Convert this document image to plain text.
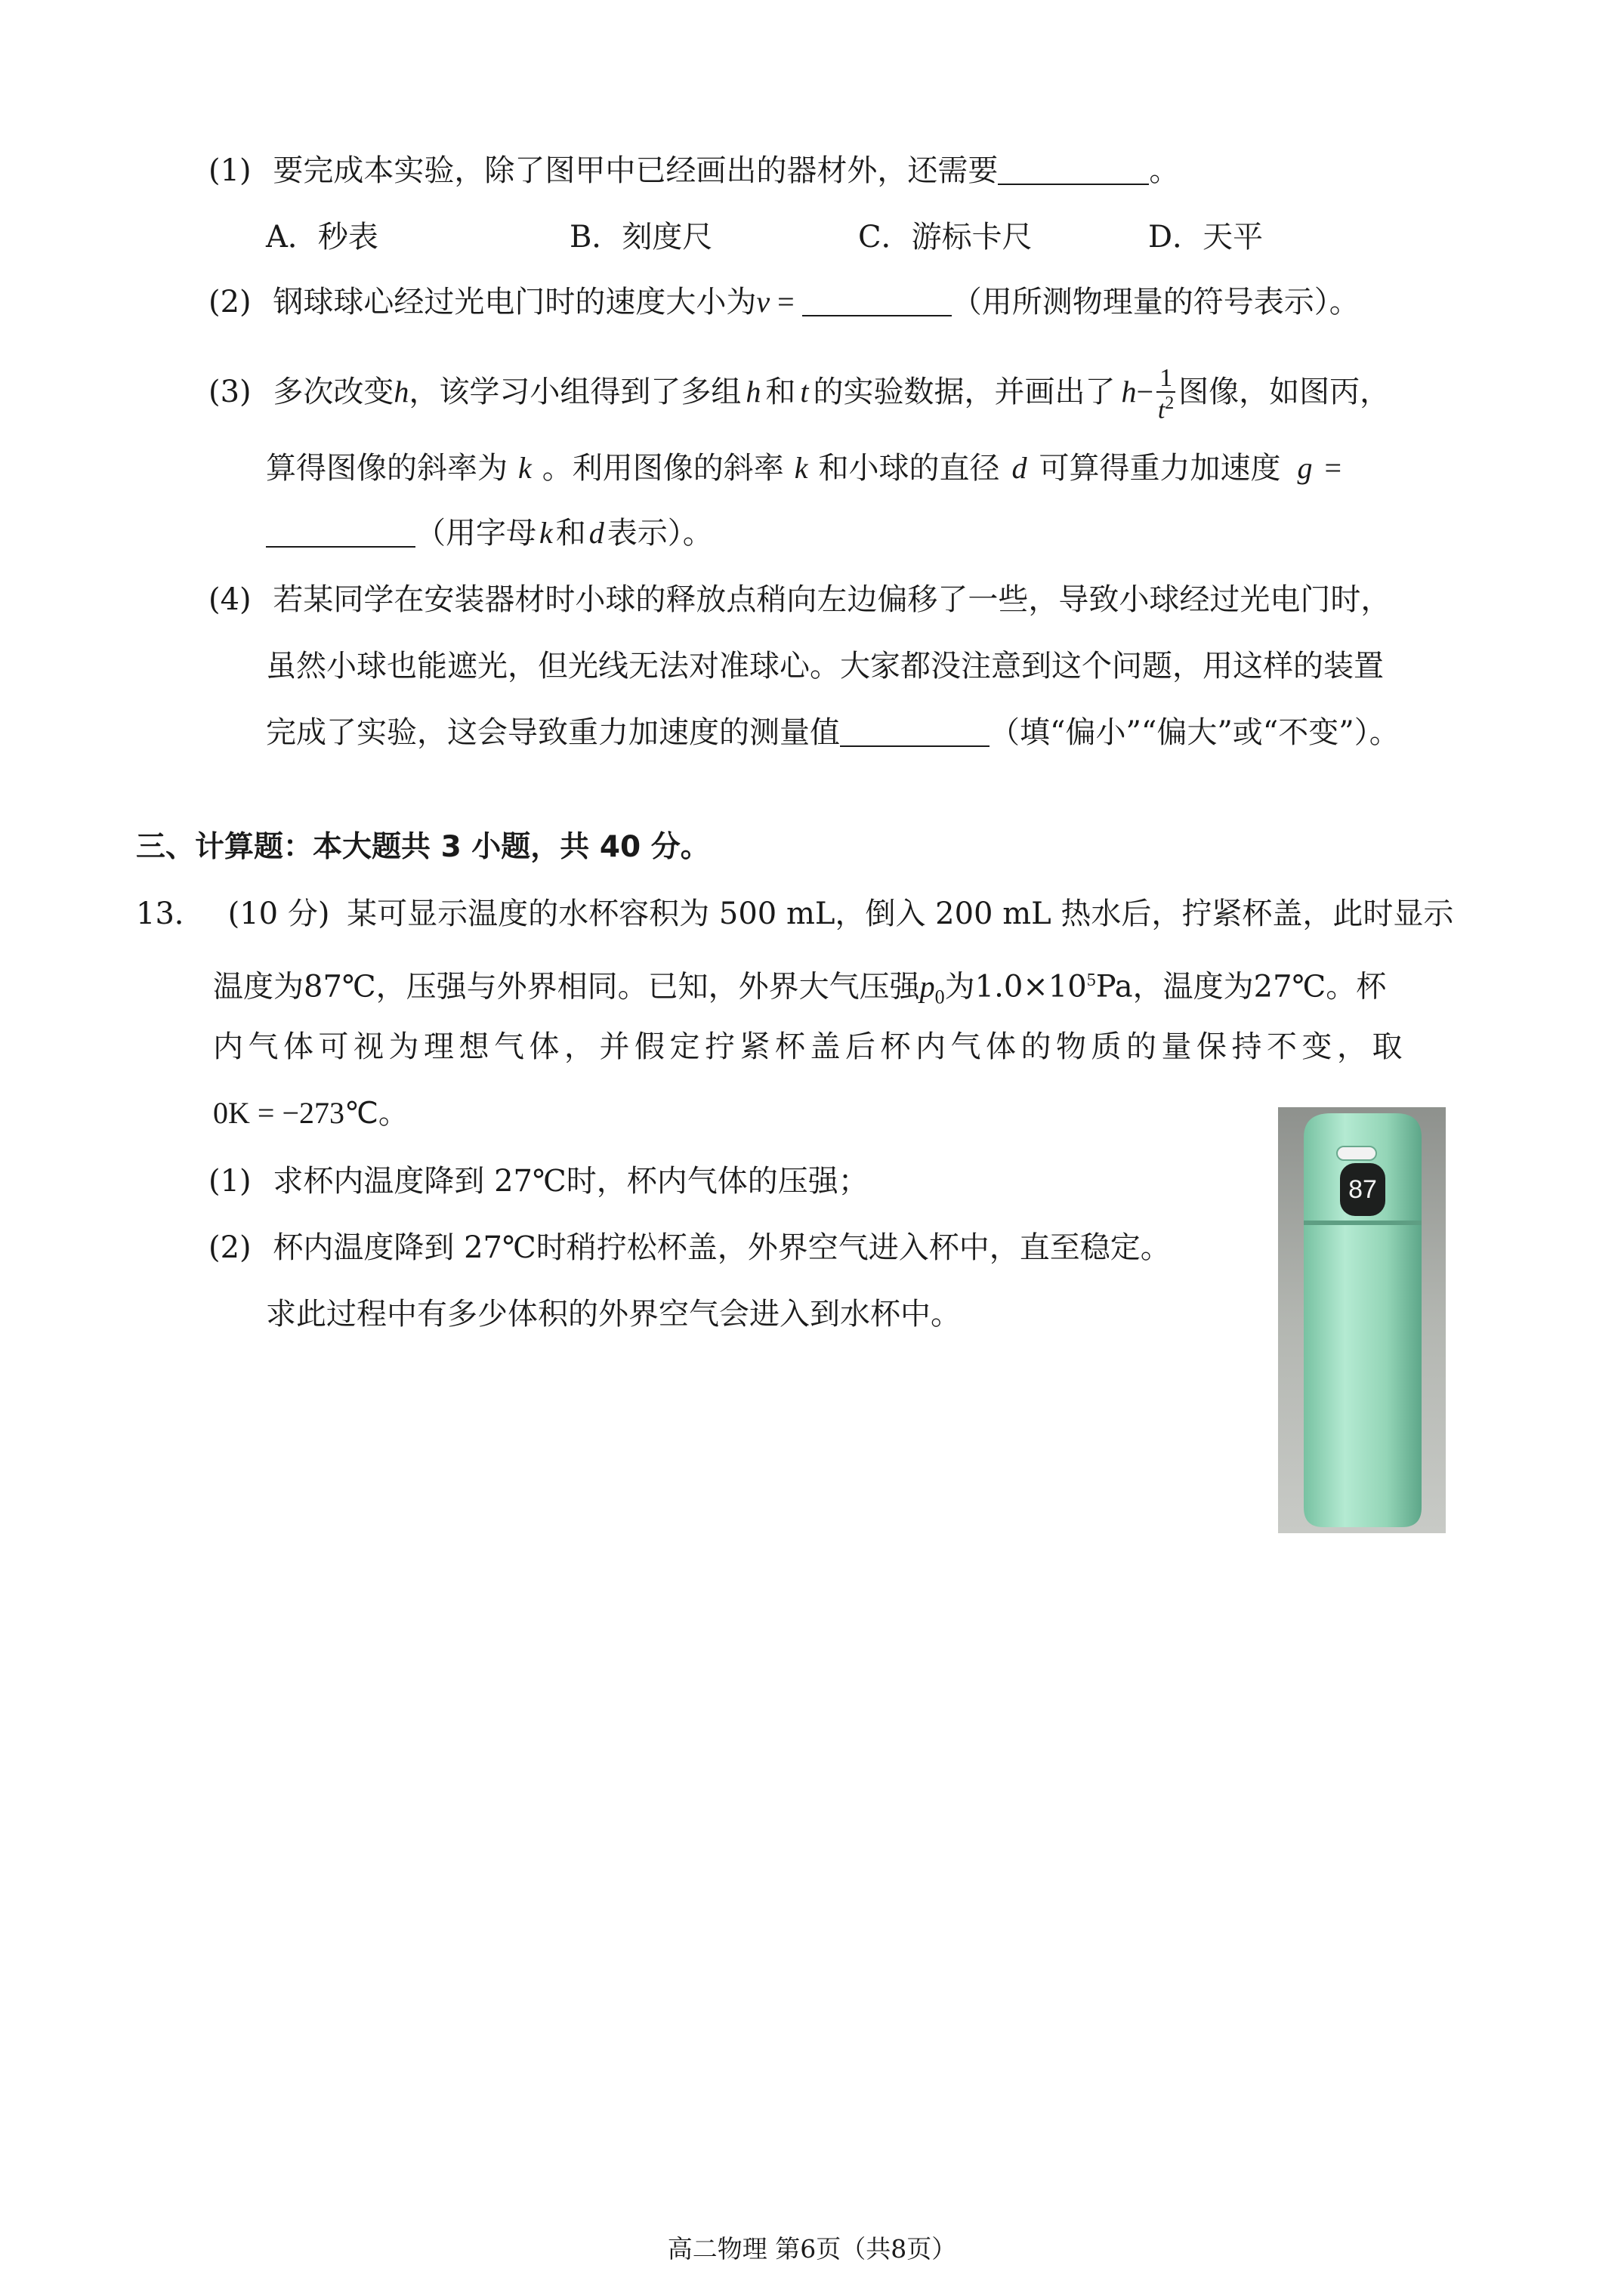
(1) 要完成本实验，除了图甲中已经画出的器材外，还需要	。
A．秒表	B．刻度尺	C．游标卡尺	D．天平
(2) 钢球球心经过光电门时的速度大小为v =	（用所测物理量的符号表示）。
(3) 多次改变h，该学习小组得到了多组 h 和 t 的实验数据，并画出了 $h- \frac{1}{t^2}$ 图像，如图丙，
算得图像的斜率为 k 。利用图像的斜率 k 和小球的直径 d 可算得重力加速度 g =
（用字母 k 和 d 表示）。
(4) 若某同学在安装器材时小球的释放点稍向左边偏移了一些，导致小球经过光电门时，
虽然小球也能遮光，但光线无法对准球心。大家都没注意到这个问题，用这样的装置
完成了实验，这会导致重力加速度的测量值	（填“偏小”“偏大”或“不变”）。
三、计算题：本大题共 3 小题，共 40 分。
13． (10 分) 某可显示温度的水杯容积为 500 mL，倒入 200 mL 热水后，拧紧杯盖，此时显示
温度为87℃，压强与外界相同。已知，外界大气压强$p_0$为$1.0\times 10^5Pa$，温度为27℃。杯
内气体可视为理想气体，并假定拧紧杯盖后杯内气体的物质的量保持不变，取
0K = −273℃。
(1) 求杯内温度降到 27℃时，杯内气体的压强；
(2) 杯内温度降到 27℃时稍拧松杯盖，外界空气进入杯中，直至稳定。
求此过程中有多少体积的外界空气会进入到水杯中。
87
高二物理 第6页（共8页）
